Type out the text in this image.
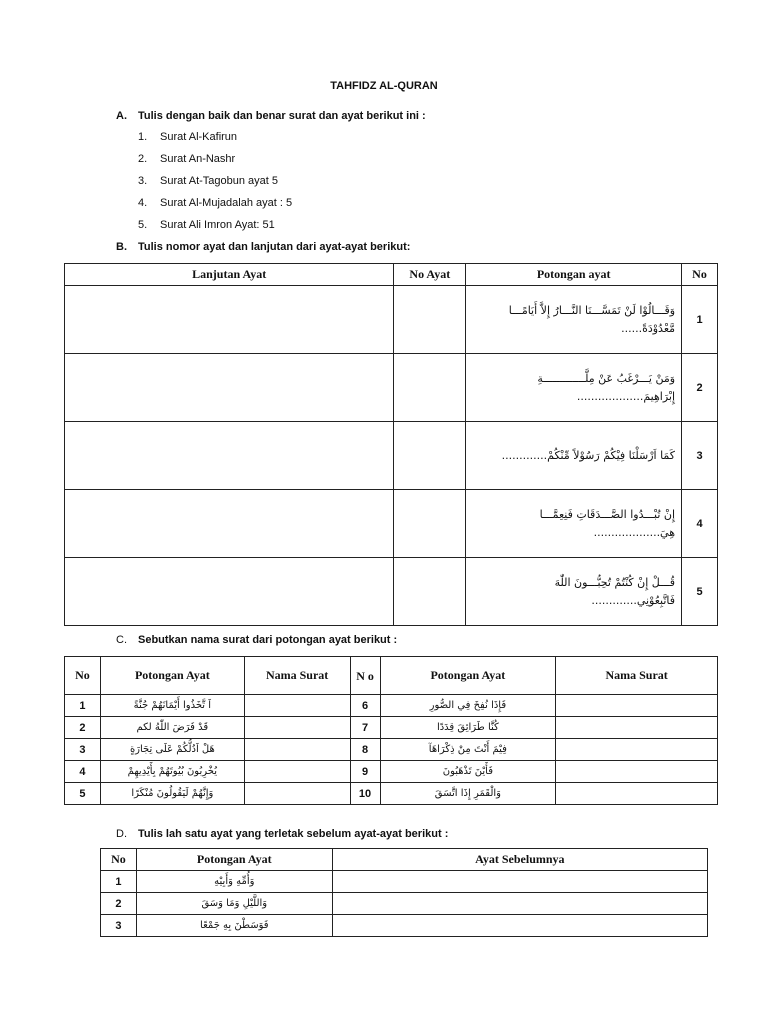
TAHFIDZ AL-QURAN
A. Tulis dengan baik dan benar surat dan ayat berikut ini :
1. Surat Al-Kafirun
2. Surat An-Nashr
3. Surat At-Tagobun ayat 5
4. Surat Al-Mujadalah ayat : 5
5. Surat Ali Imron Ayat: 51
B. Tulis nomor ayat dan lanjutan dari ayat-ayat berikut:
Lanjutan Ayat	No Ayat	Potongan ayat	No

		وَقَـــالُوْا لَنْ تَمَسَّـــنَا النَّـــارُ إِلاَّ أَيَامًـــا
مَّعْدُوْدَةً......	1

		وَمَنْ يَـــرْغَبُ عَنْ مِلَّـــــــــــــةِ
إِبْرَاهِيمَ...................	2

		كَمَا اَرْسَلْنَا فِيْكُمْ رَسُوْلاً مِّنْكُمْ.............	3

		إِنْ تُبْـــدُوا الصَّـــدَقَاتِ فَنِعِمَّـــا
هِيَ...................	4

		قُـــلْ إِنْ كُنْتُمْ تُحِبُّـــونَ اللّٰهَ
فَاتَّبِعُوْنِي.............	5
C. Sebutkan nama surat dari potongan ayat berikut :
No	Potongan Ayat	Nama Surat	N o	Potongan Ayat	Nama Surat
1	اَ تَّخَذُوا أَيْمَانَهُمْ جُنَّةً		6	فَإِذَا نُفِخَ فِي الصُّورِ	
2	قَدْ فَرَضَ اللّٰهُ لكم		7	كُنَّا طَرَائِقَ قِدَدًا	
3	هَلْ اَدُلُّكُمْ عَلَى تِجَارَةٍ		8	فِيْمَ أَنْتَ مِنْ ذِكْرَاهَآ	
4	يُخْرِبُونَ بُيُوتَهُمْ بِأَيْدِيهِمْ		9	فَأَيْنَ تَذْهَبُونَ	
5	وَإِنَّهُمْ لَيَقُولُونَ مُنْكَرًا		10	وَالْقَمَرِ إِذَا اتَّسَقَ	
D. Tulis lah satu ayat yang terletak sebelum ayat-ayat berikut :
No	Potongan Ayat	Ayat Sebelumnya
1	وَأُمِّهِ وَأَبِيْهِ	
2	وَاللَّيْلِ وَمَا وَسَقَ	
3	فَوَسَطْنَ بِهِ جَمْعًا	
